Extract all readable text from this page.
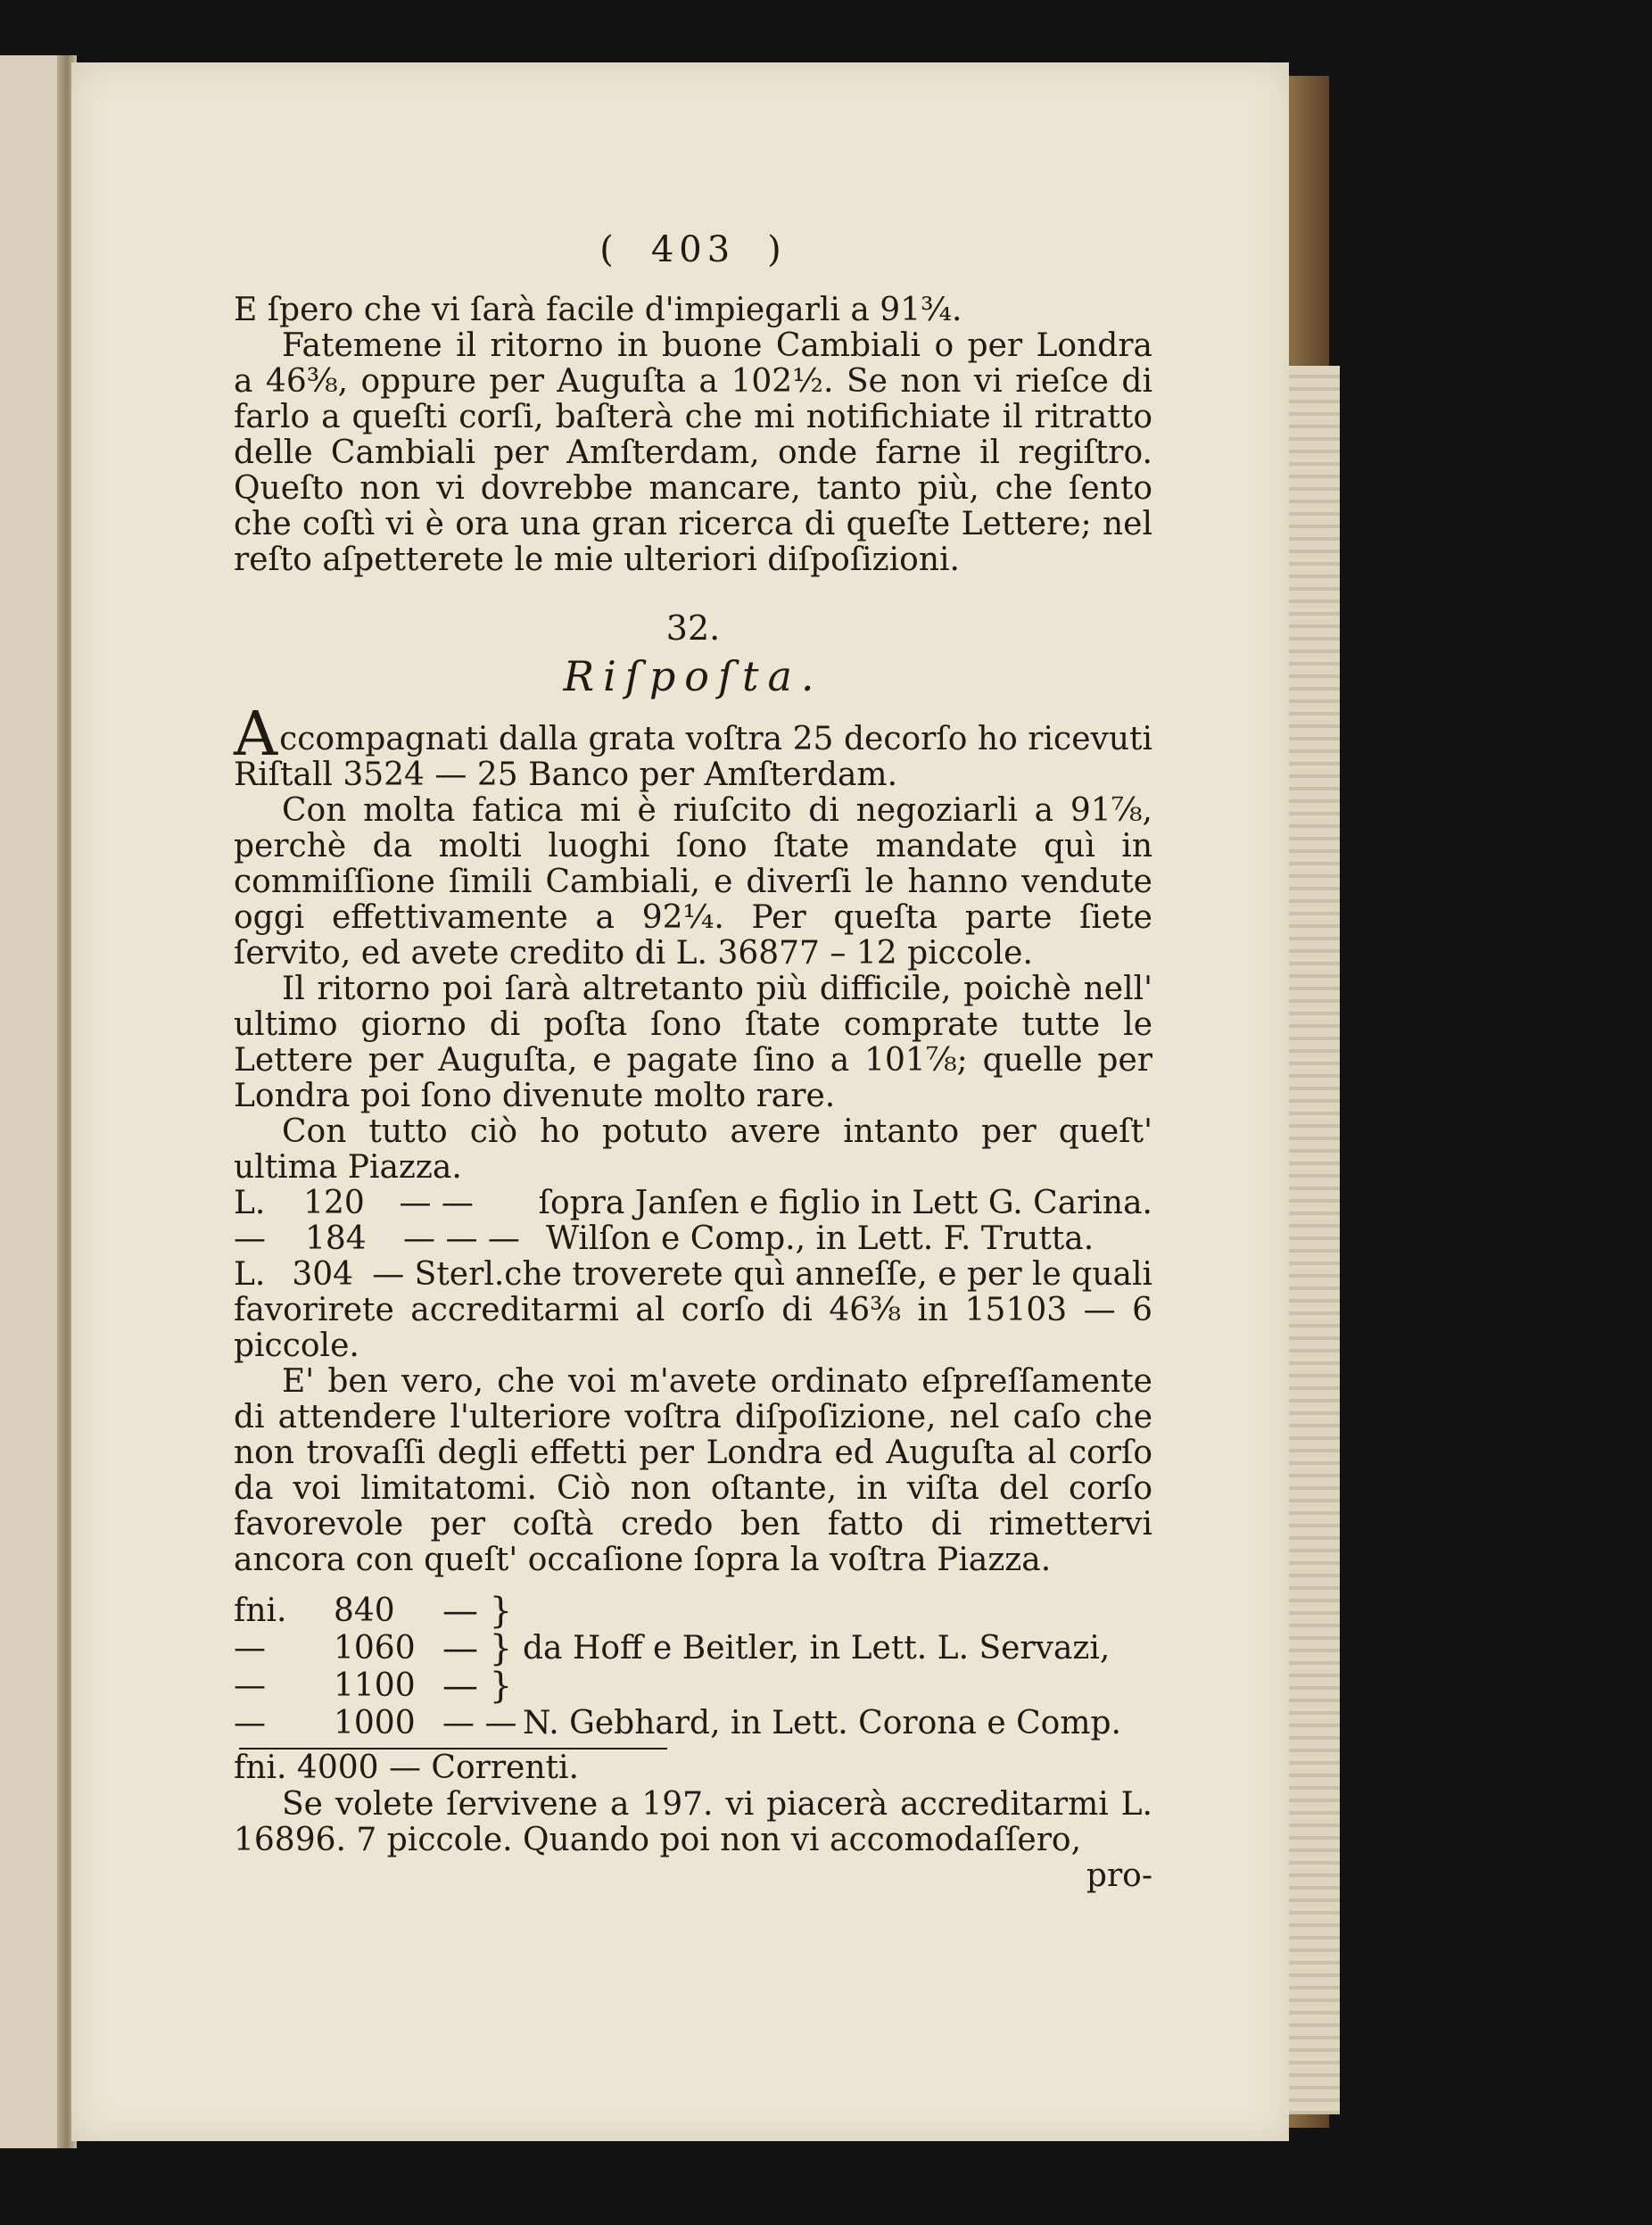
( 403 )

E ſpero che vi ſarà facile d'impiegarli a 91¾.

Fatemene il ritorno in buone Cambiali o per Londra a 46⅜, oppure per Auguſta a 102½. Se non vi rieſce di farlo a queſti corſi, baſterà che mi notifichiate il ritratto delle Cambiali per Amſterdam, onde farne il regiſtro. Queſto non vi dovrebbe mancare, tanto più, che ſento che coſtì vi è ora una gran ricerca di queſte Lettere; nel reſto aſpetterete le mie ulteriori diſpoſizioni.

32.
Riſpoſta.

Accompagnati dalla grata voſtra 25 decorſo ho ricevuti Riſtall 3524 — 25 Banco per Amſterdam.

Con molta fatica mi è riuſcito di negoziarli a 91⅞, perchè da molti luoghi ſono ſtate mandate quì in commiſſione ſimili Cambiali, e diverſi le hanno vendute oggi effettivamente a 92¼. Per queſta parte ſiete ſervito, ed avete credito di L. 36877 – 12 piccole.

Il ritorno poi ſarà altretanto più difficile, poichè nell' ultimo giorno di poſta ſono ſtate comprate tutte le Lettere per Auguſta, e pagate ſino a 101⅞; quelle per Londra poi ſono divenute molto rare.

Con tutto ciò ho potuto avere intanto per queſt' ultima Piazza.

L.	120	— —	ſopra Janſen e figlio in Lett G. Carina.
—	184	— — — Wilſon e Comp., in Lett. F. Trutta.
L. 304 — Sterl. che troverete quì anneſſe, e per le quali

favorirete accreditarmi al corſo di 46⅜ in 15103 — 6 piccole.

E' ben vero, che voi m'avete ordinato eſpreſſamente di attendere l'ulteriore voſtra diſpoſizione, nel caſo che non trovaſſi degli effetti per Londra ed Auguſta al corſo da voi limitatomi. Ciò non oſtante, in viſta del corſo favorevole per coſtà credo ben fatto di rimettervi ancora con queſt' occaſione ſopra la voſtra Piazza.

fni.	840	— }
—	1060 — } da Hoff e Beitler, in Lett. L. Servazi,
—	1100 — }
—	1000 — — N. Gebhard, in Lett. Corona e Comp.
fni. 4000 — Correnti.

Se volete ſervivene a 197. vi piacerà accreditarmi L. 16896. 7 piccole. Quando poi non vi accomodaſſero,

pro-
